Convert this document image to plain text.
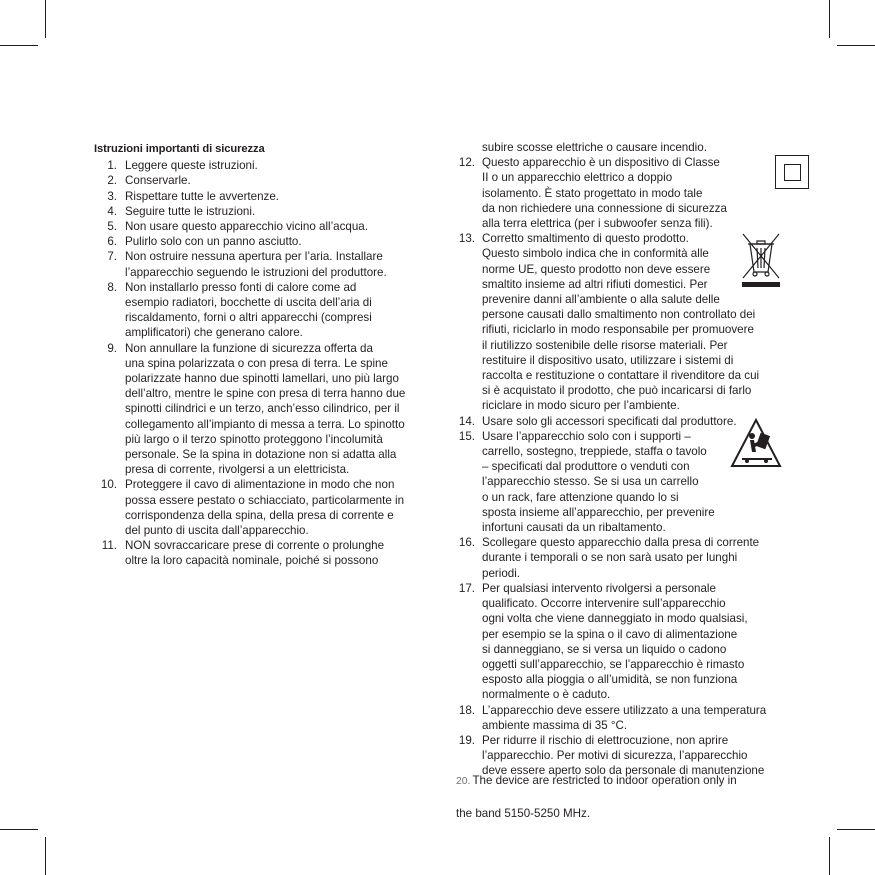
Istruzioni importanti di sicurezza
1. Leggere queste istruzioni.
2. Conservarle.
3. Rispettare tutte le avvertenze.
4. Seguire tutte le istruzioni.
5. Non usare questo apparecchio vicino all’acqua.
6. Pulirlo solo con un panno asciutto.
7. Non ostruire nessuna apertura per l’aria. Installare
l’apparecchio seguendo le istruzioni del produttore.
8. Non installarlo presso fonti di calore come ad
esempio radiatori, bocchette di uscita dell’aria di
riscaldamento, forni o altri apparecchi (compresi
amplificatori) che generano calore.
9. Non annullare la funzione di sicurezza offerta da
una spina polarizzata o con presa di terra. Le spine
polarizzate hanno due spinotti lamellari, uno più largo
dell’altro, mentre le spine con presa di terra hanno due
spinotti cilindrici e un terzo, anch’esso cilindrico, per il
collegamento all’impianto di messa a terra. Lo spinotto
più largo o il terzo spinotto proteggono l’incolumità
personale. Se la spina in dotazione non si adatta alla
presa di corrente, rivolgersi a un elettricista.
10. Proteggere il cavo di alimentazione in modo che non
possa essere pestato o schiacciato, particolarmente in
corrispondenza della spina, della presa di corrente e
del punto di uscita dall’apparecchio.
11. NON sovraccaricare prese di corrente o prolunghe
oltre la loro capacità nominale, poiché si possono
subire scosse elettriche o causare incendio.
12. Questo apparecchio è un dispositivo di Classe
II o un apparecchio elettrico a doppio
isolamento. È stato progettato in modo tale
da non richiedere una connessione di sicurezza
alla terra elettrica (per i subwoofer senza fili).
13. Corretto smaltimento di questo prodotto.
Questo simbolo indica che in conformità alle
norme UE, questo prodotto non deve essere
smaltito insieme ad altri rifiuti domestici. Per
prevenire danni all’ambiente o alla salute delle
persone causati dallo smaltimento non controllato dei
rifiuti, riciclarlo in modo responsabile per promuovere
il riutilizzo sostenibile delle risorse materiali. Per
restituire il dispositivo usato, utilizzare i sistemi di
raccolta e restituzione o contattare il rivenditore da cui
si è acquistato il prodotto, che può incaricarsi di farlo
riciclare in modo sicuro per l’ambiente.
14. Usare solo gli accessori specificati dal produttore.
15. Usare l’apparecchio solo con i supporti –
carrello, sostegno, treppiede, staffa o tavolo
– specificati dal produttore o venduti con
l’apparecchio stesso. Se si usa un carrello
o un rack, fare attenzione quando lo si
sposta insieme all’apparecchio, per prevenire
infortuni causati da un ribaltamento.
16. Scollegare questo apparecchio dalla presa di corrente
durante i temporali o se non sarà usato per lunghi
periodi.
17. Per qualsiasi intervento rivolgersi a personale
qualificato. Occorre intervenire sull’apparecchio
ogni volta che viene danneggiato in modo qualsiasi,
per esempio se la spina o il cavo di alimentazione
si danneggiano, se si versa un liquido o cadono
oggetti sull’apparecchio, se l’apparecchio è rimasto
esposto alla pioggia o all’umidità, se non funziona
normalmente o è caduto.
18. L’apparecchio deve essere utilizzato a una temperatura
ambiente massima di 35 °C.
19. Per ridurre il rischio di elettrocuzione, non aprire
l’apparecchio. Per motivi di sicurezza, l’apparecchio
deve essere aperto solo da personale di manutenzione
20. The device are restricted to indoor operation only in
the band 5150-5250 MHz.
